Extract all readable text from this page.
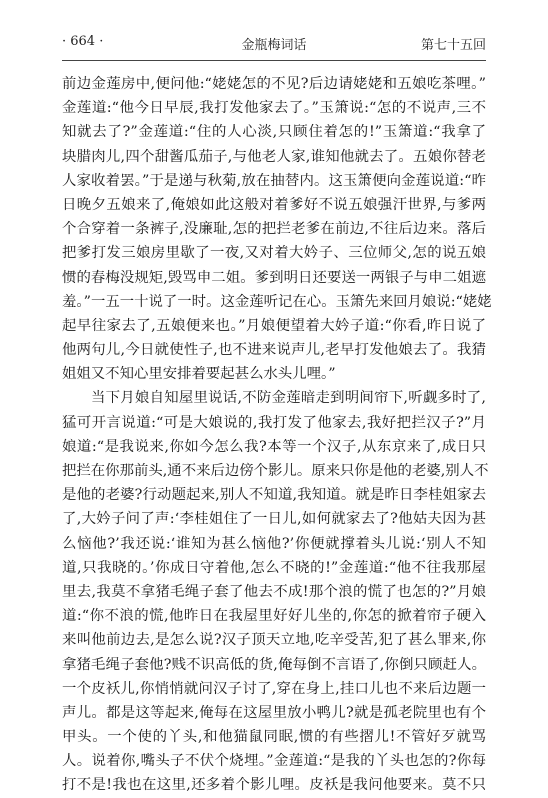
· 664 ·	金瓶梅词话	第七十五回
前边金莲房中,便问他:“姥姥怎的不见?后边请姥姥和五娘吃茶哩。”
金莲道:“他今日早辰,我打发他家去了。”玉箫说:“怎的不说声,三不
知就去了?”金莲道:“住的人心淡,只顾住着怎的!”玉箫道:“我拿了
块腊肉儿,四个甜酱瓜茄子,与他老人家,谁知他就去了。五娘你替老
人家收着罢。”于是递与秋菊,放在抽替内。这玉箫便向金莲说道:“昨
日晚夕五娘来了,俺娘如此这般对着爹好不说五娘强汗世界,与爹两
个合穿着一条裤子,没廉耻,怎的把拦老爹在前边,不往后边来。落后
把爹打发三娘房里歇了一夜,又对着大妗子、三位师父,怎的说五娘
惯的春梅没规矩,毁骂申二姐。爹到明日还要送一两银子与申二姐遮
羞。”一五一十说了一时。这金莲听记在心。玉箫先来回月娘说:“姥姥
起早往家去了,五娘便来也。”月娘便望着大妗子道:“你看,昨日说了
他两句儿,今日就使性子,也不进来说声儿,老早打发他娘去了。我猜
姐姐又不知心里安排着要起甚么水头儿哩。”
当下月娘自知屋里说话,不防金莲暗走到明间帘下,听觑多时了,
猛可开言说道:“可是大娘说的,我打发了他家去,我好把拦汉子?”月
娘道:“是我说来,你如今怎么我?本等一个汉子,从东京来了,成日只
把拦在你那前头,通不来后边傍个影儿。原来只你是他的老婆,别人不
是他的老婆?行动题起来,别人不知道,我知道。就是昨日李桂姐家去
了,大妗子问了声:‘李桂姐住了一日儿,如何就家去了?他姑夫因为甚
么恼他?’我还说:‘谁知为甚么恼他?’你便就撑着头儿说:‘别人不知
道,只我晓的。’你成日守着他,怎么不晓的!”金莲道:“他不往我那屋
里去,我莫不拿猪毛绳子套了他去不成!那个浪的慌了也怎的?”月娘
道:“你不浪的慌,他昨日在我屋里好好儿坐的,你怎的掀着帘子硬入
来叫他前边去,是怎么说?汉子顶天立地,吃辛受苦,犯了甚么罪来,你
拿猪毛绳子套他?贱不识高低的货,俺每倒不言语了,你倒只顾赶人。
一个皮袄儿,你悄悄就问汉子讨了,穿在身上,挂口儿也不来后边题一
声儿。都是这等起来,俺每在这屋里放小鸭儿?就是孤老院里也有个
甲头。一个使的丫头,和他猫鼠同眠,惯的有些摺儿!不管好歹就骂
人。说着你,嘴头子不伏个烧埋。”金莲道:“是我的丫头也怎的?你每
打不是!我也在这里,还多着个影儿哩。皮袄是我问他要来。莫不只
